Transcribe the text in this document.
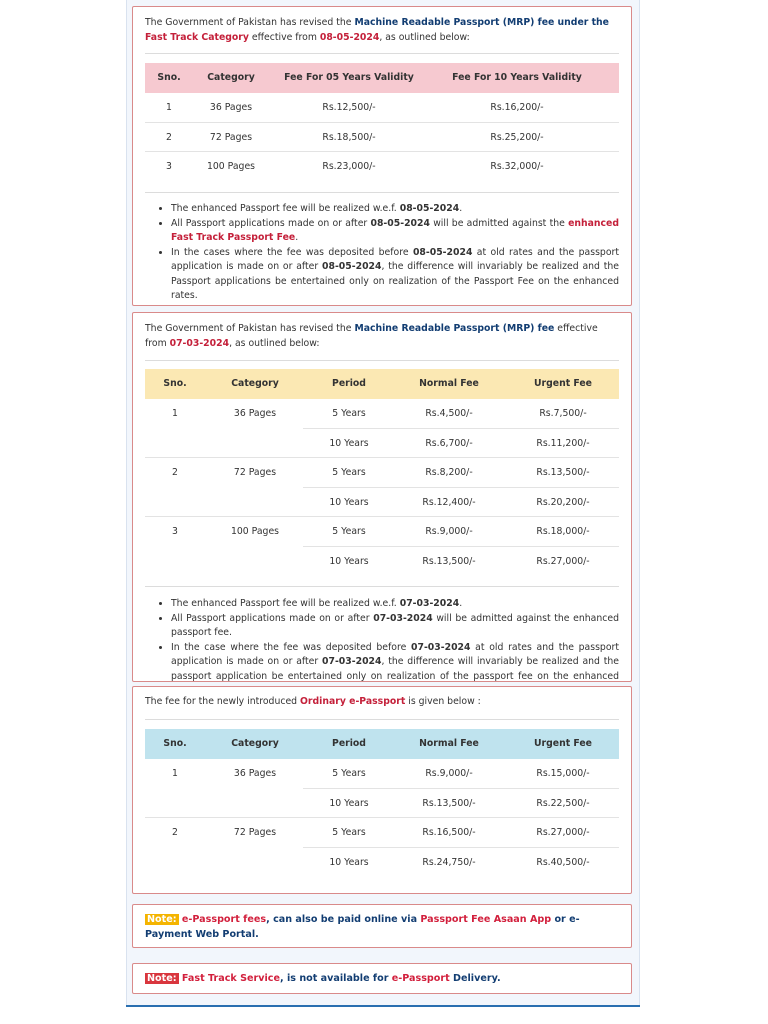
The Government of Pakistan has revised the Machine Readable Passport (MRP) fee under the Fast Track Category effective from 08-05-2024, as outlined below:
Sno.	Category	Fee For 05 Years Validity	Fee For 10 Years Validity
1	36 Pages	Rs.12,500/-	Rs.16,200/-
2	72 Pages	Rs.18,500/-	Rs.25,200/-
3	100 Pages	Rs.23,000/-	Rs.32,000/-
• The enhanced Passport fee will be realized w.e.f. 08-05-2024.
• All Passport applications made on or after 08-05-2024 will be admitted against the enhanced Fast Track Passport Fee.
• In the cases where the fee was deposited before 08-05-2024 at old rates and the passport application is made on or after 08-05-2024, the difference will invariably be realized and the Passport applications be entertained only on realization of the Passport Fee on the enhanced rates.
The Government of Pakistan has revised the Machine Readable Passport (MRP) fee effective from 07-03-2024, as outlined below:
Sno.	Category	Period	Normal Fee	Urgent Fee
1	36 Pages	5 Years	Rs.4,500/-	Rs.7,500/-
10 Years	Rs.6,700/-	Rs.11,200/-
2	72 Pages	5 Years	Rs.8,200/-	Rs.13,500/-
10 Years	Rs.12,400/-	Rs.20,200/-
3	100 Pages	5 Years	Rs.9,000/-	Rs.18,000/-
10 Years	Rs.13,500/-	Rs.27,000/-
• The enhanced Passport fee will be realized w.e.f. 07-03-2024.
• All Passport applications made on or after 07-03-2024 will be admitted against the enhanced passport fee.
• In the case where the fee was deposited before 07-03-2024 at old rates and the passport application is made on or after 07-03-2024, the difference will invariably be realized and the passport application be entertained only on realization of the passport fee on the enhanced
The fee for the newly introduced Ordinary e-Passport is given below :
Sno.	Category	Period	Normal Fee	Urgent Fee
1	36 Pages	5 Years	Rs.9,000/-	Rs.15,000/-
10 Years	Rs.13,500/-	Rs.22,500/-
2	72 Pages	5 Years	Rs.16,500/-	Rs.27,000/-
10 Years	Rs.24,750/-	Rs.40,500/-
Note: e-Passport fees, can also be paid online via Passport Fee Asaan App or e-Payment Web Portal.
Note: Fast Track Service, is not available for e-Passport Delivery.
